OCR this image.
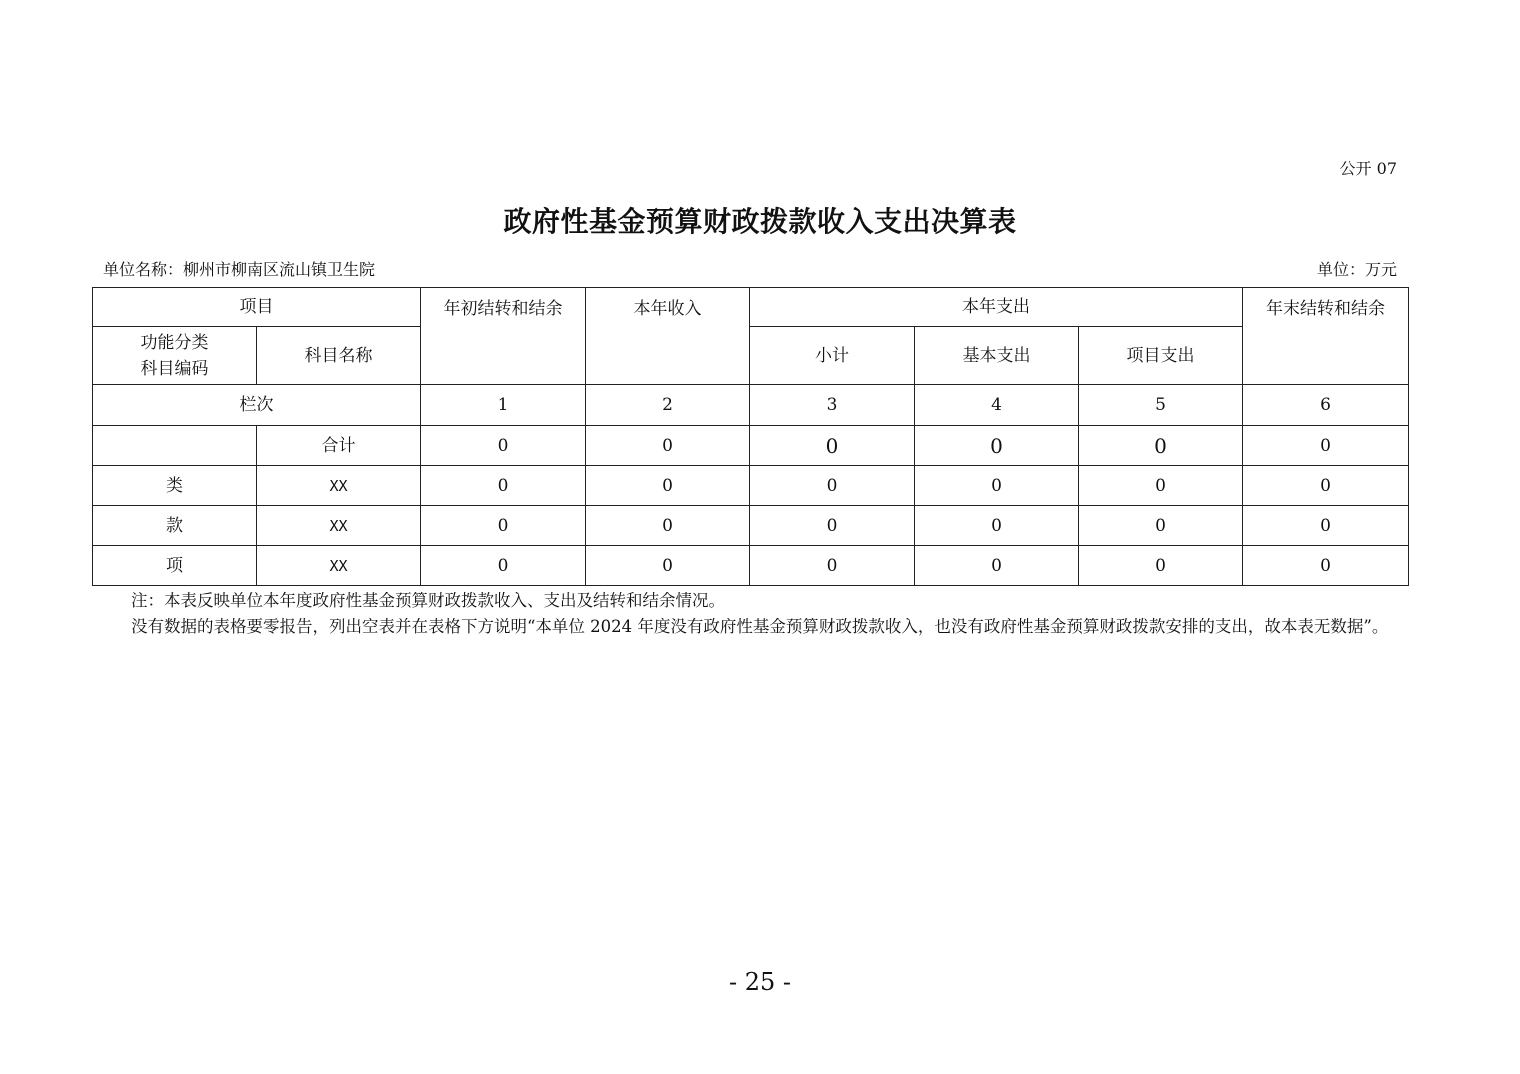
公开 07
政府性基金预算财政拨款收入支出决算表
单位名称：柳州市柳南区流山镇卫生院	单位：万元
项目		年初结转和结余	本年收入	本年支出			年末结转和结余

功能分类
科目编码	科目名称			小计	基本支出	项目支出	
栏次		1	2	3	4	5	6
	合计	0	0	0	0	0	0
类	XX	0	0	0	0	0	0
款	XX	0	0	0	0	0	0
项	XX	0	0	0	0	0	0

注：本表反映单位本年度政府性基金预算财政拨款收入、支出及结转和结余情况。

没有数据的表格要零报告，列出空表并在表格下方说明“本单位 2024 年度没有政府性基金预算财政拨款收入，也没有政府性基金预算财政拨款安排的支出，故本表无数据”。

- 25 -
